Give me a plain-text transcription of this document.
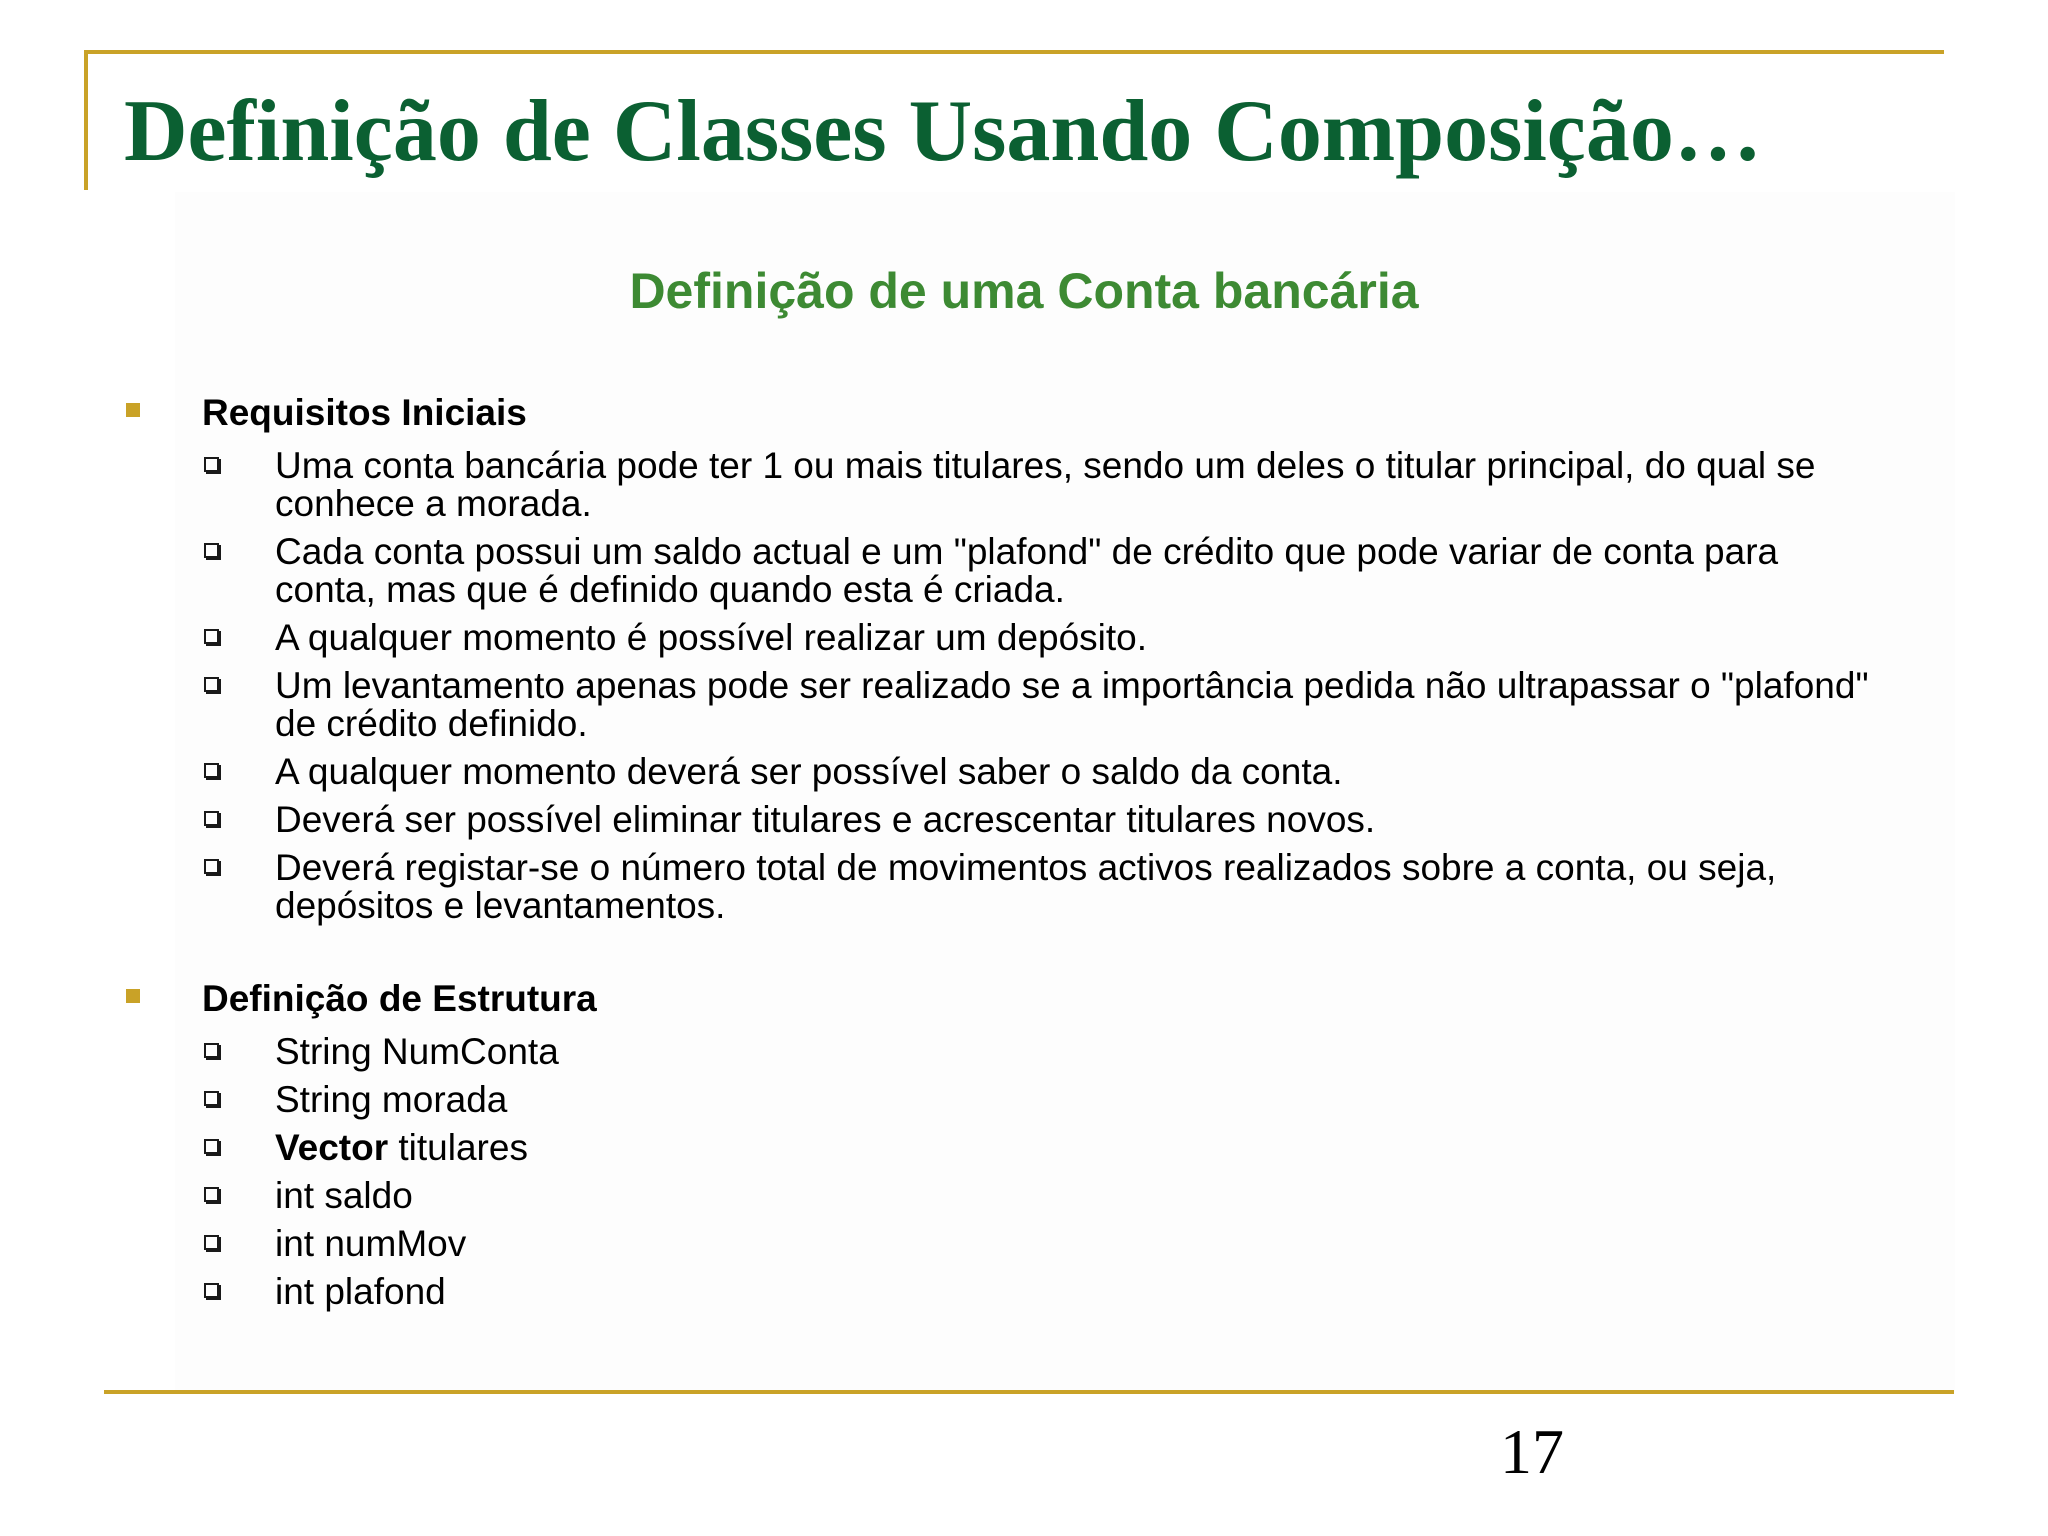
Definição de Classes Usando Composição…
Definição de uma Conta bancária

Requisitos Iniciais

Uma conta bancária pode ter 1 ou mais titulares, sendo um deles o titular principal, do qual se conhece a morada.
Cada conta possui um saldo actual e um "plafond" de crédito que pode variar de conta para conta, mas que é definido quando esta é criada.
A qualquer momento é possível realizar um depósito.
Um levantamento apenas pode ser realizado se a importância pedida não ultrapassar o "plafond" de crédito definido.
A qualquer momento deverá ser possível saber o saldo da conta.
Deverá ser possível eliminar titulares e acrescentar titulares novos.
Deverá registar-se o número total de movimentos activos realizados sobre a conta, ou seja, depósitos e levantamentos.

Definição de Estrutura

String NumConta
String morada
Vector titulares
int saldo
int numMov
int plafond
17
